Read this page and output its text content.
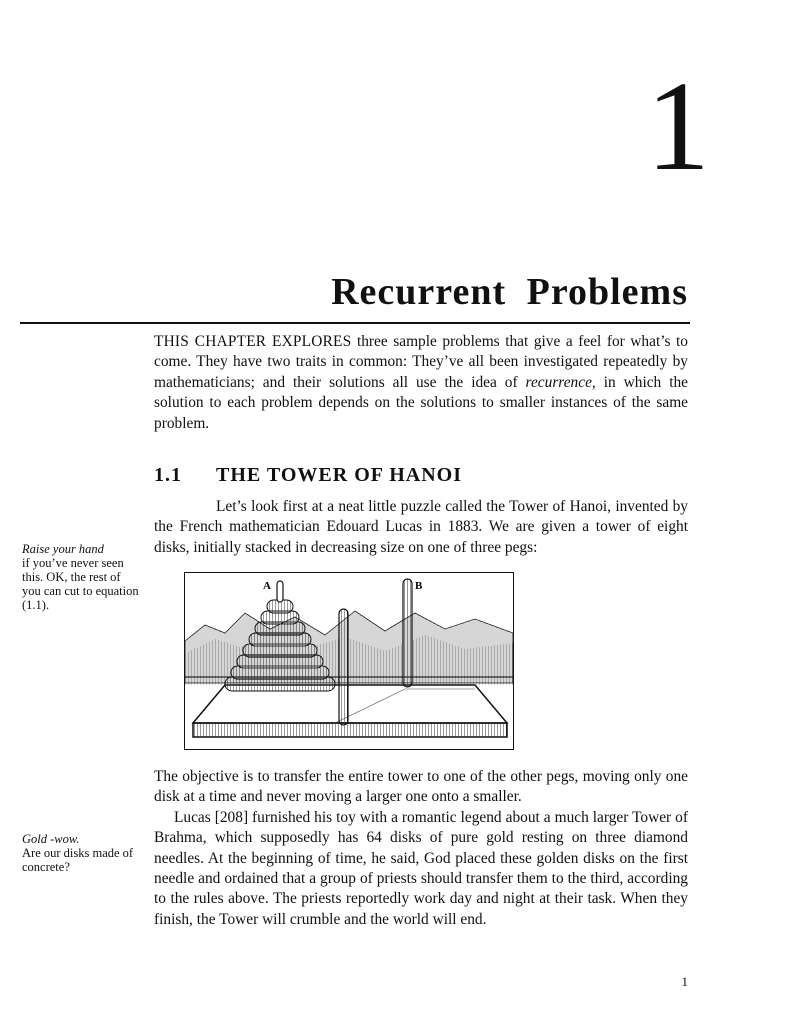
1
Recurrent Problems

THIS CHAPTER EXPLORES three sample problems that give a feel for what’s to come. They have two traits in common: They’ve all been investigated repeatedly by mathematicians; and their solutions all use the idea of recurrence, in which the solution to each problem depends on the solutions to smaller instances of the same problem.

1.1 THE TOWER OF HANOI

Let’s look first at a neat little puzzle called the Tower of Hanoi, invented by the French mathematician Edouard Lucas in 1883. We are given a tower of eight disks, initially stacked in decreasing size on one of three pegs:

A	B

The objective is to transfer the entire tower to one of the other pegs, moving only one disk at a time and never moving a larger one onto a smaller.

Lucas [208] furnished his toy with a romantic legend about a much larger Tower of Brahma, which supposedly has 64 disks of pure gold resting on three diamond needles. At the beginning of time, he said, God placed these golden disks on the first needle and ordained that a group of priests should transfer them to the third, according to the rules above. The priests reportedly work day and night at their task. When they finish, the Tower will crumble and the world will end.

Raise your hand
if you’ve never seen this. OK, the rest of you can cut to equation (1.1).
Gold -wow.
Are our disks made of concrete?
1
